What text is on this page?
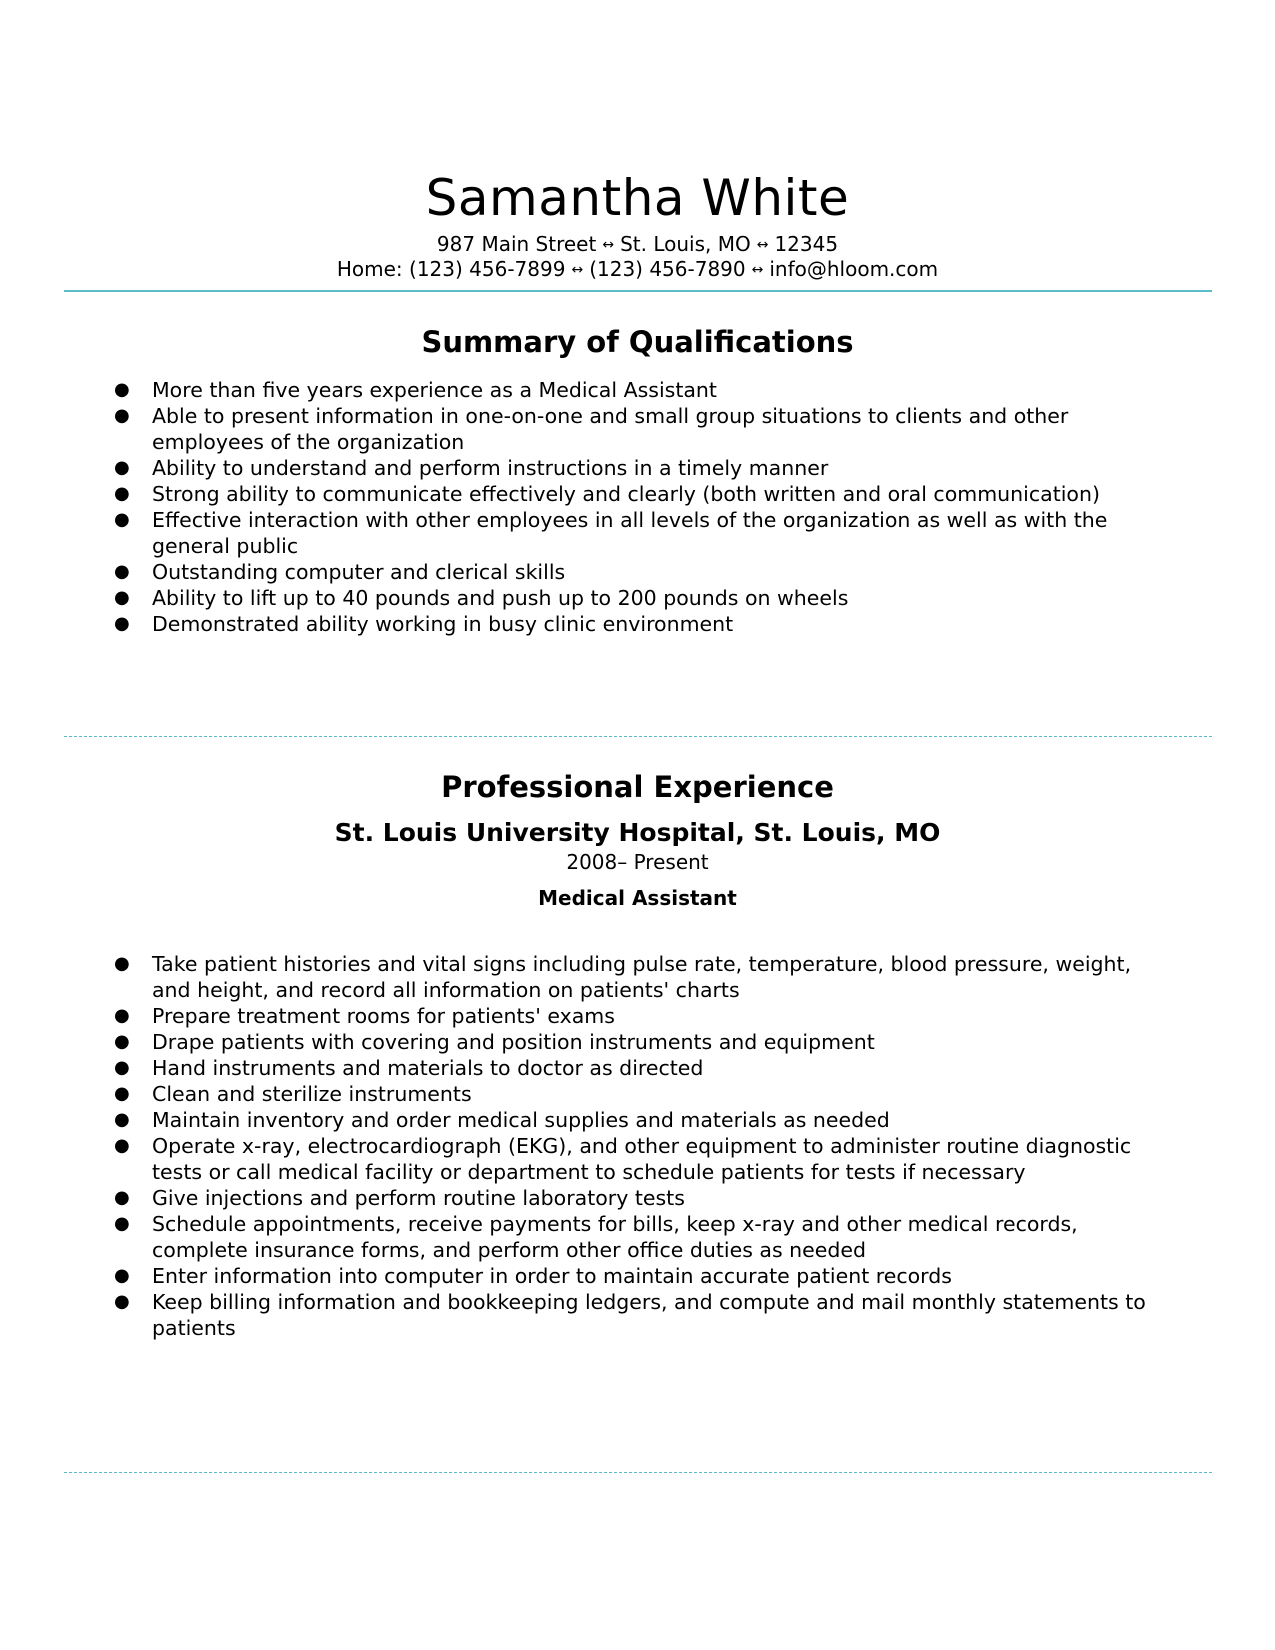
Samantha White
987 Main Street ↔ St. Louis, MO ↔ 12345
Home: (123) 456-7899 ↔ (123) 456-7890 ↔ info@hloom.com
Summary of Qualifications
● More than five years experience as a Medical Assistant
● Able to present information in one-on-one and small group situations to clients and other employees of the organization
● Ability to understand and perform instructions in a timely manner
● Strong ability to communicate effectively and clearly (both written and oral communication)
● Effective interaction with other employees in all levels of the organization as well as with the general public
● Outstanding computer and clerical skills
● Ability to lift up to 40 pounds and push up to 200 pounds on wheels
● Demonstrated ability working in busy clinic environment
Professional Experience
St. Louis University Hospital, St. Louis, MO
2008– Present
Medical Assistant
● Take patient histories and vital signs including pulse rate, temperature, blood pressure, weight, and height, and record all information on patients' charts
● Prepare treatment rooms for patients' exams
● Drape patients with covering and position instruments and equipment
● Hand instruments and materials to doctor as directed
● Clean and sterilize instruments
● Maintain inventory and order medical supplies and materials as needed
● Operate x-ray, electrocardiograph (EKG), and other equipment to administer routine diagnostic tests or call medical facility or department to schedule patients for tests if necessary
● Give injections and perform routine laboratory tests
● Schedule appointments, receive payments for bills, keep x-ray and other medical records, complete insurance forms, and perform other office duties as needed
● Enter information into computer in order to maintain accurate patient records
● Keep billing information and bookkeeping ledgers, and compute and mail monthly statements to patients
